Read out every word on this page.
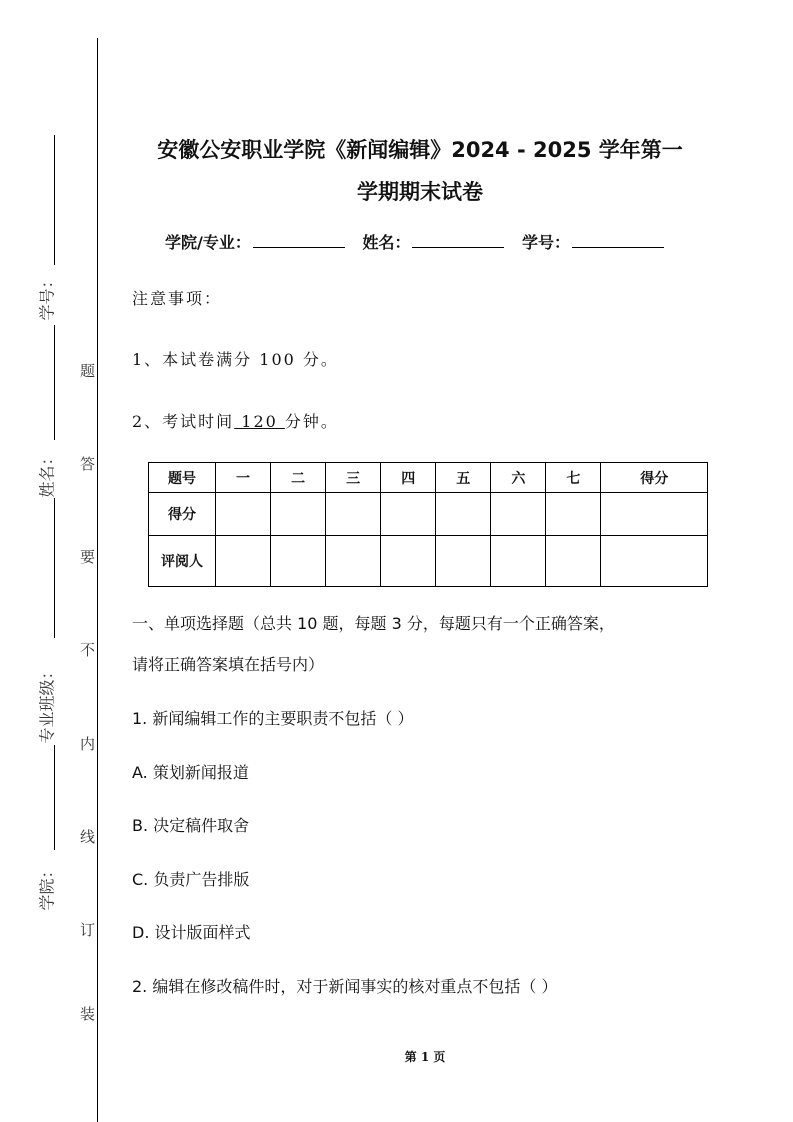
学号：
姓名：
专业班级：
学院：
题
答
要
不
内
线
订
装
安徽公安职业学院《新闻编辑》2024 - 2025 学年第一
学期期末试卷
学院/专业：	姓名：	学号：
注意事项：
1、本试卷满分 100 分。
2、考试时间 120 分钟。
题号	一	二	三	四	五	六	七	得分
得分								
评阅人								
一、单项选择题（总共 10 题，每题 3 分，每题只有一个正确答案，
请将正确答案填在括号内）
1. 新闻编辑工作的主要职责不包括（ ）
A. 策划新闻报道
B. 决定稿件取舍
C. 负责广告排版
D. 设计版面样式
2. 编辑在修改稿件时，对于新闻事实的核对重点不包括（ ）
第 1 页
